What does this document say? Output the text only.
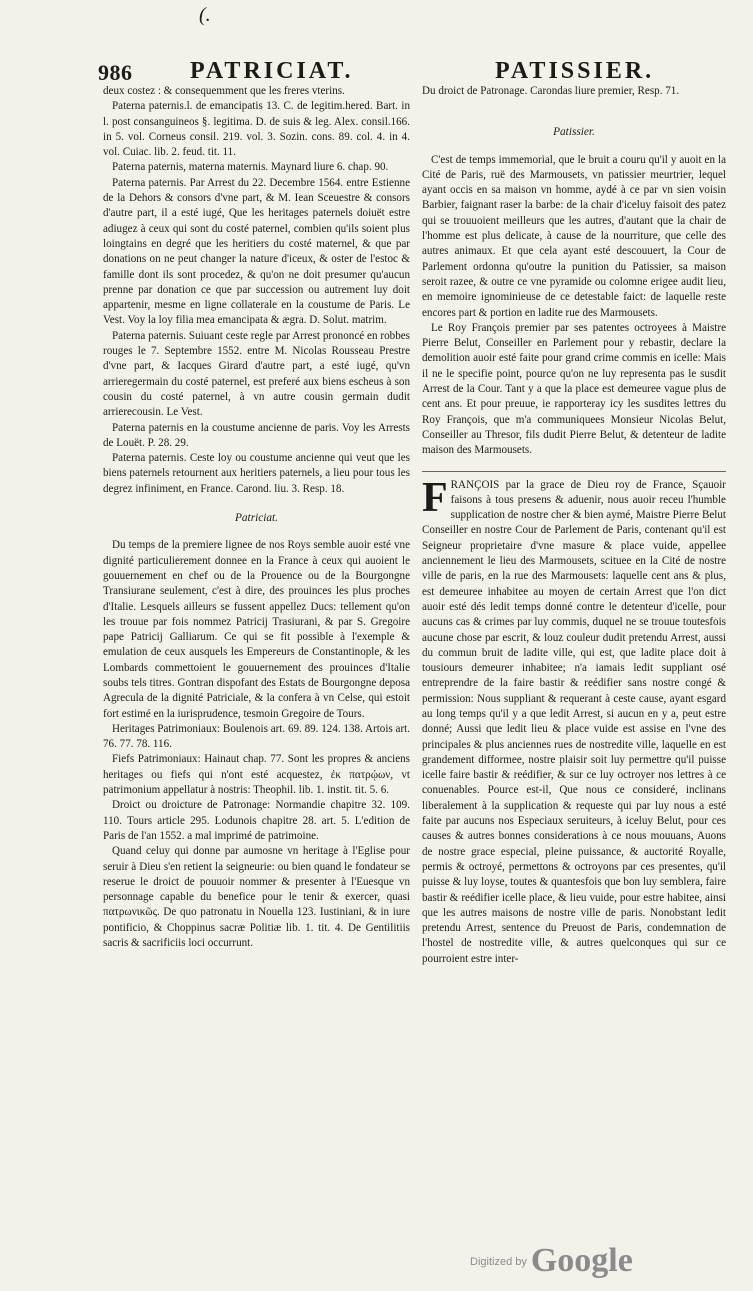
(.
986 PATRICIAT.	PATISSIER.

deux costez : & consequemment que les freres vterins.

Paterna paternis.l. de emancipatis 13. C. de legitim.hered. Bart. in l. post consanguineos §. legitima. D. de suis & leg. Alex. consil.166. in 5. vol. Corneus consil. 219. vol. 3. Sozin. cons. 89. col. 4. in 4. vol. Cuiac. lib. 2. feud. tit. 11.

Paterna paternis, materna maternis. Maynard liure 6. chap. 90.

Paterna paternis. Par Arrest du 22. Decembre 1564. entre Estienne de la Dehors & consors d'vne part, & M. Iean Sceuestre & consors d'autre part, il a esté iugé, Que les heritages paternels doiuët estre adiugez à ceux qui sont du costé paternel, combien qu'ils soient plus loingtains en degré que les heritiers du costé maternel, & que par donations on ne peut changer la nature d'iceux, & oster de l'estoc & famille dont ils sont procedez, & qu'on ne doit presumer qu'aucun prenne par donation ce que par succession ou autrement luy doit appartenir, mesme en ligne collaterale en la coustume de Paris. Le Vest. Voy la loy filia mea emancipata & ægra. D. Solut. matrim.

Paterna paternis. Suiuant ceste regle par Arrest prononcé en robbes rouges le 7. Septembre 1552. entre M. Nicolas Rousseau Prestre d'vne part, & Iacques Girard d'autre part, a esté iugé, qu'vn arrieregermain du costé paternel, est preferé aux biens escheus à son cousin du costé paternel, à vn autre cousin germain dudit arrierecousin. Le Vest.

Paterna paternis en la coustume ancienne de paris. Voy les Arrests de Louët. P. 28. 29.

Paterna paternis. Ceste loy ou coustume ancienne qui veut que les biens paternels retournent aux heritiers paternels, a lieu pour tous les degrez infiniment, en France. Carond. liu. 3. Resp. 18.

Patriciat.

Du temps de la premiere lignee de nos Roys semble auoir esté vne dignité particulierement donnee en la France à ceux qui auoient le gouuernement en chef ou de la Prouence ou de la Bourgongne Transiurane seulement, c'est à dire, des prouinces les plus proches d'Italie. Lesquels ailleurs se fussent appellez Ducs: tellement qu'on les trouue par fois nommez Patricij Trasiurani, & par S. Gregoire pape Patricij Galliarum. Ce qui se fit possible à l'exemple & emulation de ceux ausquels les Empereurs de Constantinople, & les Lombards commettoient le gouuernement des prouinces d'Italie soubs tels titres. Gontran dispofant des Estats de Bourgongne deposa Agrecula de la dignité Patriciale, & la confera à vn Celse, qui estoit fort estimé en la iurisprudence, tesmoin Gregoire de Tours.

Heritages Patrimoniaux: Boulenois art. 69. 89. 124. 138. Artois art. 76. 77. 78. 116.

Fiefs Patrimoniaux: Hainaut chap. 77. Sont les propres & anciens heritages ou fiefs qui n'ont esté acquestez, ἐκ πατρῴων, vt patrimonium appellatur à nostris: Theophil. lib. 1. instit. tit. 5. 6.

Droict ou droicture de Patronage: Normandie chapitre 32. 109. 110. Tours article 295. Lodunois chapitre 28. art. 5. L'edition de Paris de l'an 1552. a mal imprimé de patrimoine.

Quand celuy qui donne par aumosne vn heritage à l'Eglise pour seruir à Dieu s'en retient la seigneurie: ou bien quand le fondateur se reserue le droict de pouuoir nommer & presenter à l'Euesque vn personnage capable du benefice pour le tenir & exercer, quasi πατρωνικῶς. De quo patronatu in Nouella 123. Iustiniani, & in iure pontificio, & Choppinus sacræ Politiæ lib. 1. tit. 4. De Gentilitiis sacris & sacrificiis loci occurrunt.

Du droict de Patronage. Carondas liure premier, Resp. 71.

Patissier.

C'est de temps immemorial, que le bruit a couru qu'il y auoit en la Cité de Paris, ruë des Marmousets, vn patissier meurtrier, lequel ayant occis en sa maison vn homme, aydé à ce par vn sien voisin Barbier, faignant raser la barbe: de la chair d'iceluy faisoit des patez qui se trouuoient meilleurs que les autres, d'autant que la chair de l'homme est plus delicate, à cause de la nourriture, que celle des autres animaux. Et que cela ayant esté descouuert, la Cour de Parlement ordonna qu'outre la punition du Patissier, sa maison seroit razee, & outre ce vne pyramide ou colomne erigee audit lieu, en memoire ignominieuse de ce detestable faict: de laquelle reste encores part & portion en ladite rue des Marmousets.

Le Roy François premier par ses patentes octroyees à Maistre Pierre Belut, Conseiller en Parlement pour y rebastir, declare la demolition auoir esté faite pour grand crime commis en icelle: Mais il ne le specifie point, pource qu'on ne luy representa pas le susdit Arrest de la Cour. Tant y a que la place est demeuree vague plus de cent ans. Et pour preuue, ie rapporteray icy les susdites lettres du Roy François, que m'a communiquees Monsieur Nicolas Belut, Conseiller au Thresor, fils dudit Pierre Belut, & detenteur de ladite maison des Marmousets.

FRANÇOIS par la grace de Dieu roy de France, Sçauoir faisons à tous presens & aduenir, nous auoir receu l'humble supplication de nostre cher & bien aymé, Maistre Pierre Belut Conseiller en nostre Cour de Parlement de Paris, contenant qu'il est Seigneur proprietaire d'vne masure & place vuide, appellee anciennement le lieu des Marmousets, scituee en la Cité de nostre ville de paris, en la rue des Marmousets: laquelle cent ans & plus, est demeuree inhabitee au moyen de certain Arrest que l'on dict auoir esté dés ledit temps donné contre le detenteur d'icelle, pour aucuns cas & crimes par luy commis, duquel ne se trouue toutesfois aucune chose par escrit, & louz couleur dudit pretendu Arrest, aussi du commun bruit de ladite ville, qui est, que ladite place doit à tousiours demeurer inhabitee; n'a iamais ledit suppliant osé entreprendre de la faire bastir & reédifier sans nostre congé & permission: Nous suppliant & requerant à ceste cause, ayant esgard au long temps qu'il y a que ledit Arrest, si aucun en y a, peut estre donné; Aussi que ledit lieu & place vuide est assise en l'vne des principales & plus anciennes rues de nostredite ville, laquelle en est grandement difformee, nostre plaisir soit luy permettre qu'il puisse icelle faire bastir & reédifier, & sur ce luy octroyer nos lettres à ce conuenables. Pource est-il, Que nous ce consideré, inclinans liberalement à la supplication & requeste qui par luy nous a esté faite par aucuns nos Especiaux seruiteurs, à iceluy Belut, pour ces causes & autres bonnes considerations à ce nous mouuans, Auons de nostre grace especial, pleine puissance, & auctorité Royalle, permis & octroyé, permettons & octroyons par ces presentes, qu'il puisse & luy loyse, toutes & quantesfois que bon luy semblera, faire bastir & reédifier icelle place, & lieu vuide, pour estre habitee, ainsi que les autres maisons de nostre ville de paris. Nonobstant ledit pretendu Arrest, sentence du Preuost de Paris, condemnation de l'hostel de nostredite ville, & autres quelconques qui sur ce pourroient estre inter-

$^{Digitized by}$ Google
